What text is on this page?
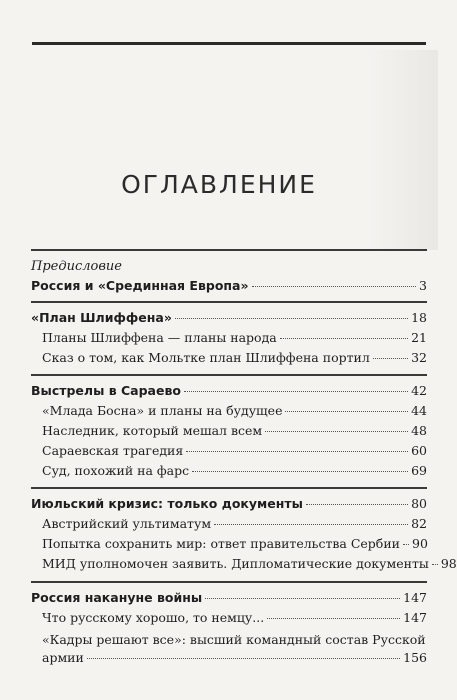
ОГЛАВЛЕНИЕ
Предисловие
Россия и «Срединная Европа»	3
«План Шлиффена»	18
Планы Шлиффена — планы народа	21
Сказ о том, как Мольтке план Шлиффена портил	32
Выстрелы в Сараево	42
«Млада Босна» и планы на будущее	44
Наследник, который мешал всем	48
Сараевская трагедия	60
Суд, похожий на фарс	69
Июльский кризис: только документы	80
Австрийский ультиматум	82
Попытка сохранить мир: ответ правительства Сербии 90
МИД уполномочен заявить. Дипломатические документы 98
Россия накануне войны	147
Что русскому хорошо, то немцу...	147
«Кадры решают все»: высший командный состав Русской
армии	156
